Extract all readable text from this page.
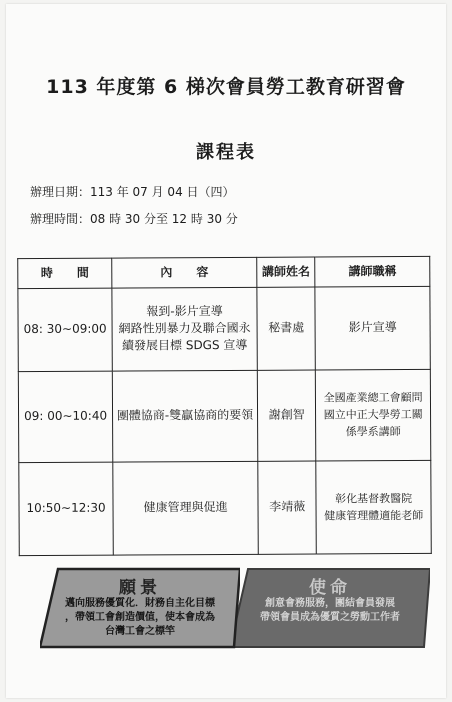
113 年度第 6 梯次會員勞工教育研習會
課程表
辦理日期：113 年 07 月 04 日（四）
辦理時間：08 時 30 分至 12 時 30 分
時　　間	內　　容	講師姓名	講師職稱
08: 30~09:00	報到-影片宣導
網路性別暴力及聯合國永
續發展目標 SDGS 宣導	秘書處	影片宣導

09: 00~10:40	團體協商-雙贏協商的要領	謝創智	全國產業總工會顧問
國立中正大學勞工關
係學系講師

10:50~12:30	健康管理與促進	李靖薇	彰化基督教醫院
健康管理體適能老師
使命
創意會務服務，團結會員發展
帶領會員成為優質之勞動工作者
願景
邁向服務優質化．財務自主化目標
，帶領工會創造價值，使本會成為
台灣工會之標竿
